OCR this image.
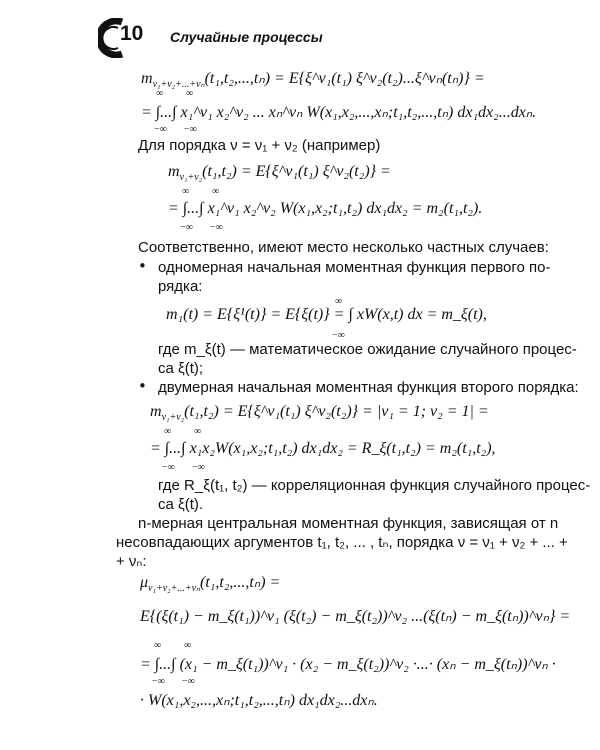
10 Случайные процессы
$m_{\nu_1+\nu_2+...+\nu_n}(t_1,t_2,...,t_n)$ = E{ξ^ν₁(t₁) ξ^ν₂(t₂)...ξ^νₙ(tₙ)} =
∞ ∞
= ∫...∫ x₁^ν₁ x₂^ν₂ ... xₙ^νₙ W(x₁,x₂,...,xₙ;t₁,t₂,...,tₙ) dx₁dx₂...dxₙ.
−∞ −∞
Для порядка ν = ν₁ + ν₂ (например)
$m_{\nu_1+\nu_2}(t_1,t_2)$ = E{ξ^ν₁(t₁) ξ^ν₂(t₂)} =
∞ ∞
= ∫...∫ x₁^ν₁ x₂^ν₂ W(x₁,x₂;t₁,t₂) dx₁dx₂ = m₂(t₁,t₂).
−∞ −∞
Соответственно, имеют место несколько частных случаев:
• одномерная начальная моментная функция первого по-
рядка:
∞
m₁(t) = E{ξ¹(t)} = E{ξ(t)} = ∫ xW(x,t) dx = m_ξ(t),
−∞
где m_ξ(t) — математическое ожидание случайного процес-
са ξ(t);
• двумерная начальная моментная функция второго порядка:
$m_{\nu_1+\nu_2}(t_1,t_2)$ = E{ξ^ν₁(t₁) ξ^ν₂(t₂)} = |ν₁ = 1; ν₂ = 1| =
∞ ∞
= ∫...∫ x₁x₂W(x₁,x₂;t₁,t₂) dx₁dx₂ = R_ξ(t₁,t₂) = m₂(t₁,t₂),
−∞ −∞
где R_ξ(t₁, t₂) — корреляционная функция случайного процес-
са ξ(t).
n-мерная центральная моментная функция, зависящая от n
несовпадающих аргументов t₁, t₂, ... , tₙ, порядка ν = ν₁ + ν₂ + ... +
+ νₙ:
$\mu_{\nu_1+\nu_2+...+\nu_n}(t_1,t_2,...,t_n)$ =
E{(ξ(t₁) − m_ξ(t₁))^ν₁ (ξ(t₂) − m_ξ(t₂))^ν₂ ...(ξ(tₙ) − m_ξ(tₙ))^νₙ} =
∞ ∞
= ∫...∫ (x₁ − m_ξ(t₁))^ν₁ · (x₂ − m_ξ(t₂))^ν₂ ·...· (xₙ − m_ξ(tₙ))^νₙ ·
−∞ −∞
· W(x₁,x₂,...,xₙ;t₁,t₂,...,tₙ) dx₁dx₂...dxₙ.
